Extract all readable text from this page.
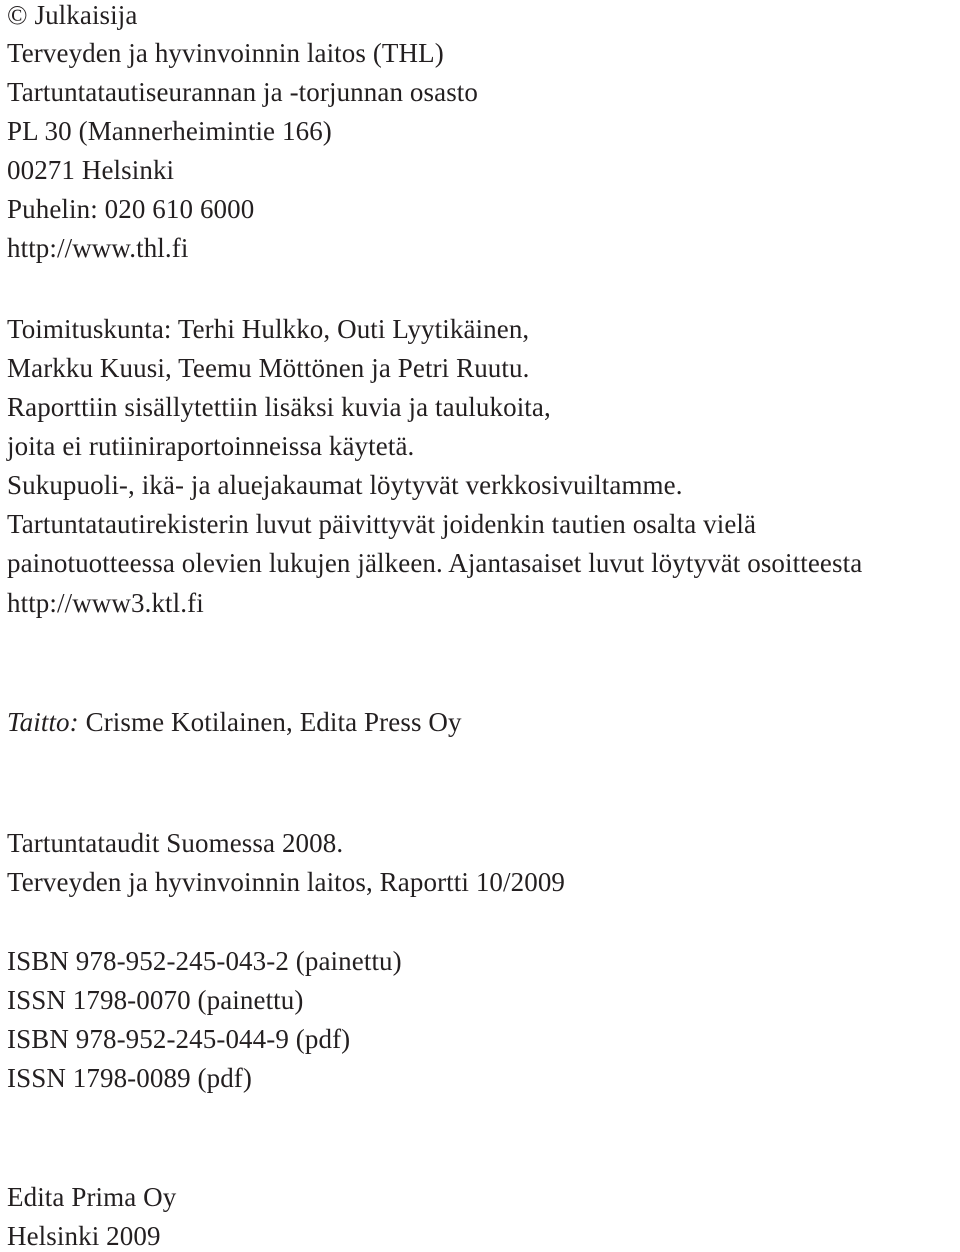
© Julkaisija

Terveyden ja hyvinvoinnin laitos (THL)

Tartuntatautiseurannan ja -torjunnan osasto

PL 30 (Mannerheimintie 166)

00271 Helsinki

Puhelin: 020 610 6000

http://www.thl.fi

Toimituskunta: Terhi Hulkko, Outi Lyytikäinen,

Markku Kuusi, Teemu Möttönen ja Petri Ruutu.

Raporttiin sisällytettiin lisäksi kuvia ja taulukoita,

joita ei rutiiniraportoinneissa käytetä.

Sukupuoli-, ikä- ja aluejakaumat löytyvät verkkosivuiltamme.

Tartuntatautirekisterin luvut päivittyvät joidenkin tautien osalta vielä

painotuotteessa olevien lukujen jälkeen. Ajantasaiset luvut löytyvät osoitteesta

http://www3.ktl.fi

Taitto: Crisme Kotilainen, Edita Press Oy

Tartuntataudit Suomessa 2008.

Terveyden ja hyvinvoinnin laitos, Raportti 10/2009

ISBN 978-952-245-043-2 (painettu)

ISSN 1798-0070 (painettu)

ISBN 978-952-245-044-9 (pdf)

ISSN 1798-0089 (pdf)

Edita Prima Oy

Helsinki 2009
